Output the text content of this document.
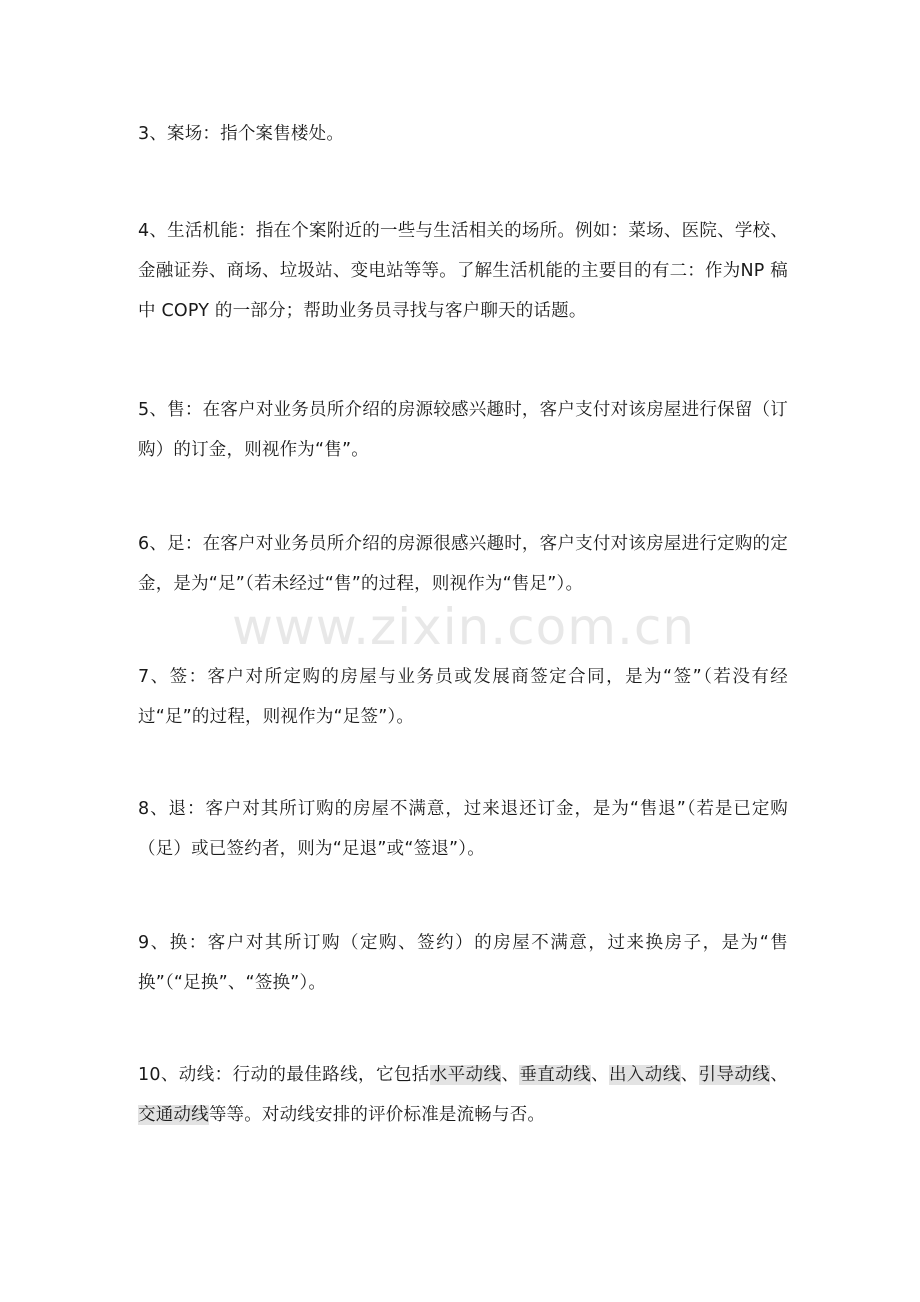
www.zixin.com.cn

3、案场：指个案售楼处。

4、生活机能：指在个案附近的一些与生活相关的场所。例如：菜场、医院、学校、金融证券、商场、垃圾站、变电站等等。了解生活机能的主要目的有二：作为NP 稿中 COPY 的一部分；帮助业务员寻找与客户聊天的话题。

5、售：在客户对业务员所介绍的房源较感兴趣时，客户支付对该房屋进行保留（订购）的订金，则视作为“售”。

6、足：在客户对业务员所介绍的房源很感兴趣时，客户支付对该房屋进行定购的定金，是为“足”（若未经过“售”的过程，则视作为“售足”）。

7、签：客户对所定购的房屋与业务员或发展商签定合同，是为“签”（若没有经过“足”的过程，则视作为“足签”）。

8、退：客户对其所订购的房屋不满意，过来退还订金，是为“售退”（若是已定购（足）或已签约者，则为“足退”或“签退”）。

9、换：客户对其所订购（定购、签约）的房屋不满意，过来换房子，是为“售换”（“足换”、“签换”）。

10、动线：行动的最佳路线，它包括水平动线、垂直动线、出入动线、引导动线、交通动线等等。对动线安排的评价标准是流畅与否。
